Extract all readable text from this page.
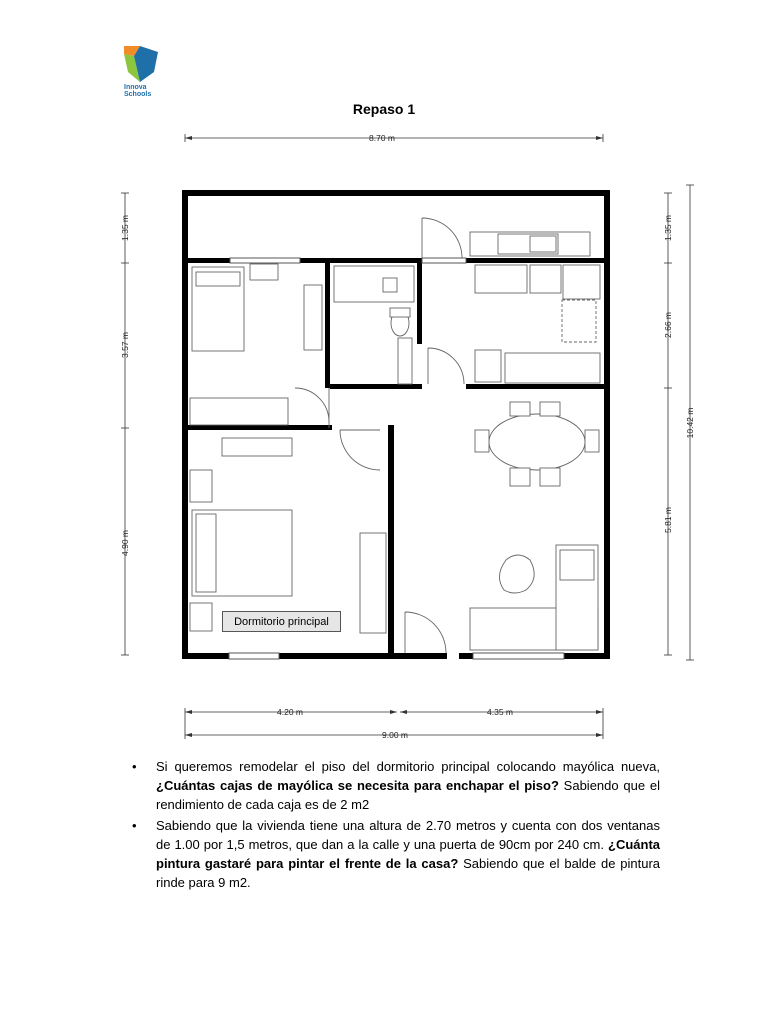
Innova
Schools
Repaso 1
8.70 m
4.20 m	4.35 m
9.00 m
1.35 m
3.57 m
4.90 m
1.35 m
2.66 m
5.81 m
10.42 m
Dormitorio principal
• Si queremos remodelar el piso del dormitorio principal colocando mayólica nueva, ¿Cuántas cajas de mayólica se necesita para enchapar el piso? Sabiendo que el rendimiento de cada caja es de 2 m2
• Sabiendo que la vivienda tiene una altura de 2.70 metros y cuenta con dos ventanas de 1.00 por 1,5 metros, que dan a la calle y una puerta de 90cm por 240 cm. ¿Cuánta pintura gastaré para pintar el frente de la casa? Sabiendo que el balde de pintura rinde para 9 m2.
